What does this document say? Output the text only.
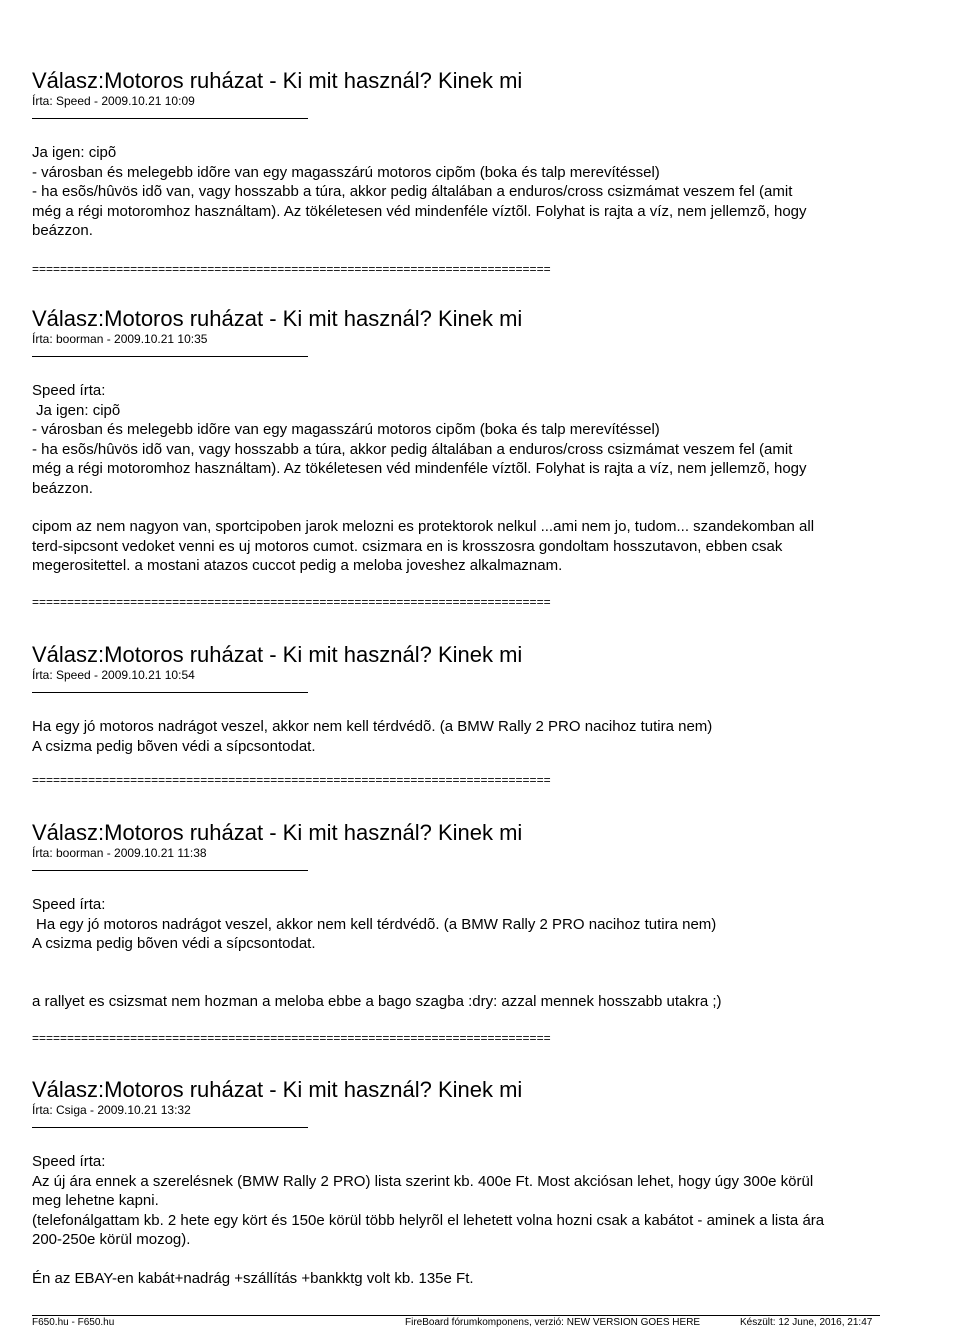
Válasz:Motoros ruházat - Ki mit használ? Kinek mi
Írta: Speed - 2009.10.21 10:09

Ja igen: cipõ

- városban és melegebb idõre van egy magasszárú motoros cipõm (boka és talp merevítéssel)

- ha esõs/hûvös idõ van, vagy hosszabb a túra, akkor pedig általában a enduros/cross csizmámat veszem fel (amit

még a régi motoromhoz használtam). Az tökéletesen véd mindenféle víztõl. Folyhat is rajta a víz, nem jellemzõ, hogy

beázzon.

==========================================================================
Válasz:Motoros ruházat - Ki mit használ? Kinek mi
Írta: boorman - 2009.10.21 10:35

Speed írta:

Ja igen: cipõ

- városban és melegebb idõre van egy magasszárú motoros cipõm (boka és talp merevítéssel)

- ha esõs/hûvös idõ van, vagy hosszabb a túra, akkor pedig általában a enduros/cross csizmámat veszem fel (amit

még a régi motoromhoz használtam). Az tökéletesen véd mindenféle víztõl. Folyhat is rajta a víz, nem jellemzõ, hogy

beázzon.

cipom az nem nagyon van, sportcipoben jarok melozni es protektorok nelkul ...ami nem jo, tudom... szandekomban all

terd-sipcsont vedoket venni es uj motoros cumot. csizmara en is krosszosra gondoltam hosszutavon, ebben csak

megerositettel. a mostani atazos cuccot pedig a meloba joveshez alkalmaznam.

==========================================================================
Válasz:Motoros ruházat - Ki mit használ? Kinek mi
Írta: Speed - 2009.10.21 10:54

Ha egy jó motoros nadrágot veszel, akkor nem kell térdvédõ. (a BMW Rally 2 PRO nacihoz tutira nem)

A csizma pedig bõven védi a sípcsontodat.

==========================================================================
Válasz:Motoros ruházat - Ki mit használ? Kinek mi
Írta: boorman - 2009.10.21 11:38

Speed írta:

Ha egy jó motoros nadrágot veszel, akkor nem kell térdvédõ. (a BMW Rally 2 PRO nacihoz tutira nem)

A csizma pedig bõven védi a sípcsontodat.

a rallyet es csizsmat nem hozman a meloba ebbe a bago szagba :dry: azzal mennek hosszabb utakra ;)

==========================================================================
Válasz:Motoros ruházat - Ki mit használ? Kinek mi
Írta: Csiga - 2009.10.21 13:32

Speed írta:

Az új ára ennek a szerelésnek (BMW Rally 2 PRO) lista szerint kb. 400e Ft. Most akciósan lehet, hogy úgy 300e körül

meg lehetne kapni.

(telefonálgattam kb. 2 hete egy kört és 150e körül több helyrõl el lehetett volna hozni csak a kabátot - aminek a lista ára

200-250e körül mozog).

Én az EBAY-en kabát+nadrág +szállítás +bankktg volt kb. 135e Ft.

F650.hu - F650.hu	FireBoard fórumkomponens, verzió: NEW VERSION GOES HERE	Készült: 12 June, 2016, 21:47
